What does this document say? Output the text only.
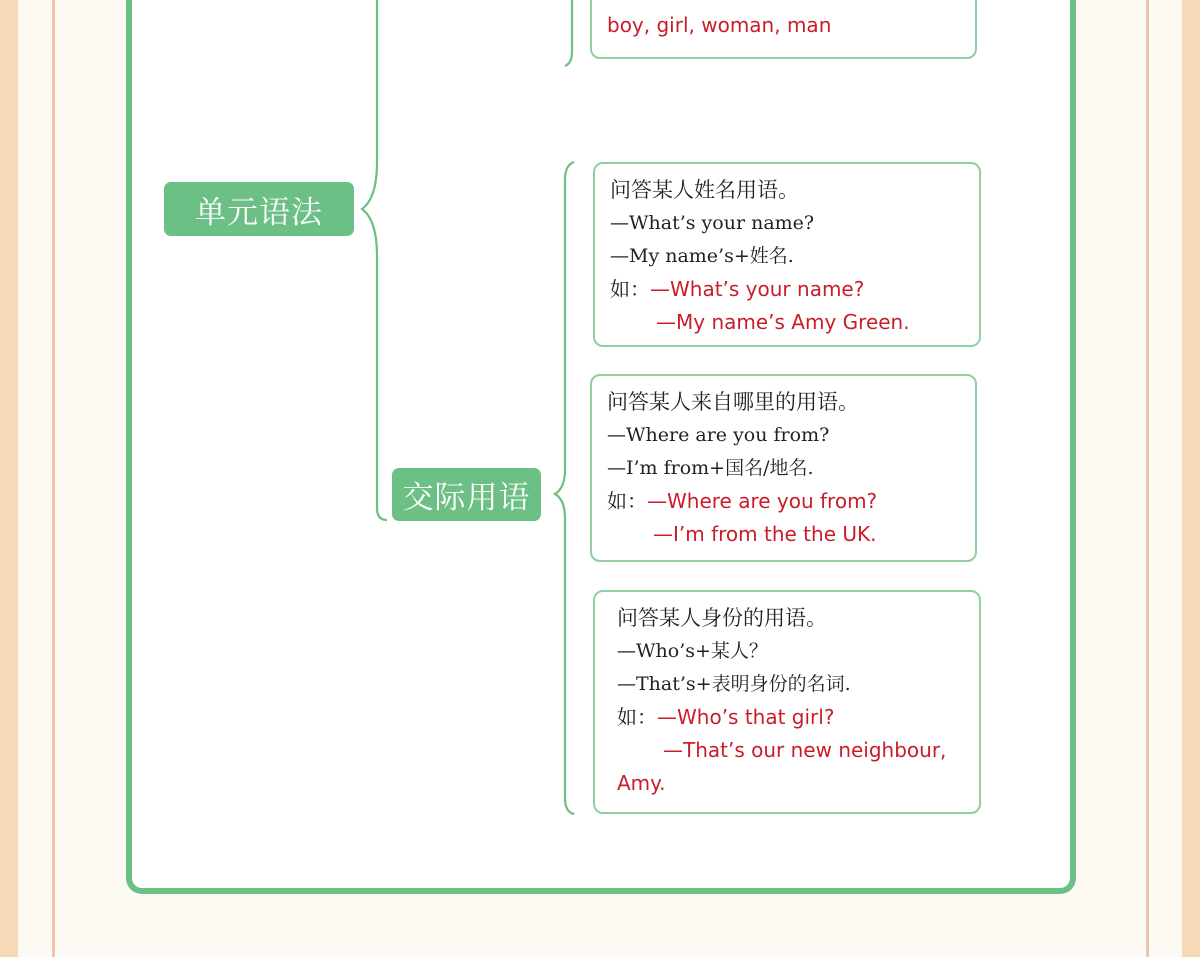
单元语法

boy, girl, woman, man

交际用语

问答某人姓名用语。

—What’s your name?

—My name’s+姓名.

如：—What’s your name?

—My name’s Amy Green.

问答某人来自哪里的用语。

—Where are you from?

—I’m from+国名/地名.

如：—Where are you from?

—I’m from the the UK.

问答某人身份的用语。

—Who’s+某人？

—That’s+表明身份的名词.

如：—Who’s that girl?

—That’s our new neighbour,

Amy.
